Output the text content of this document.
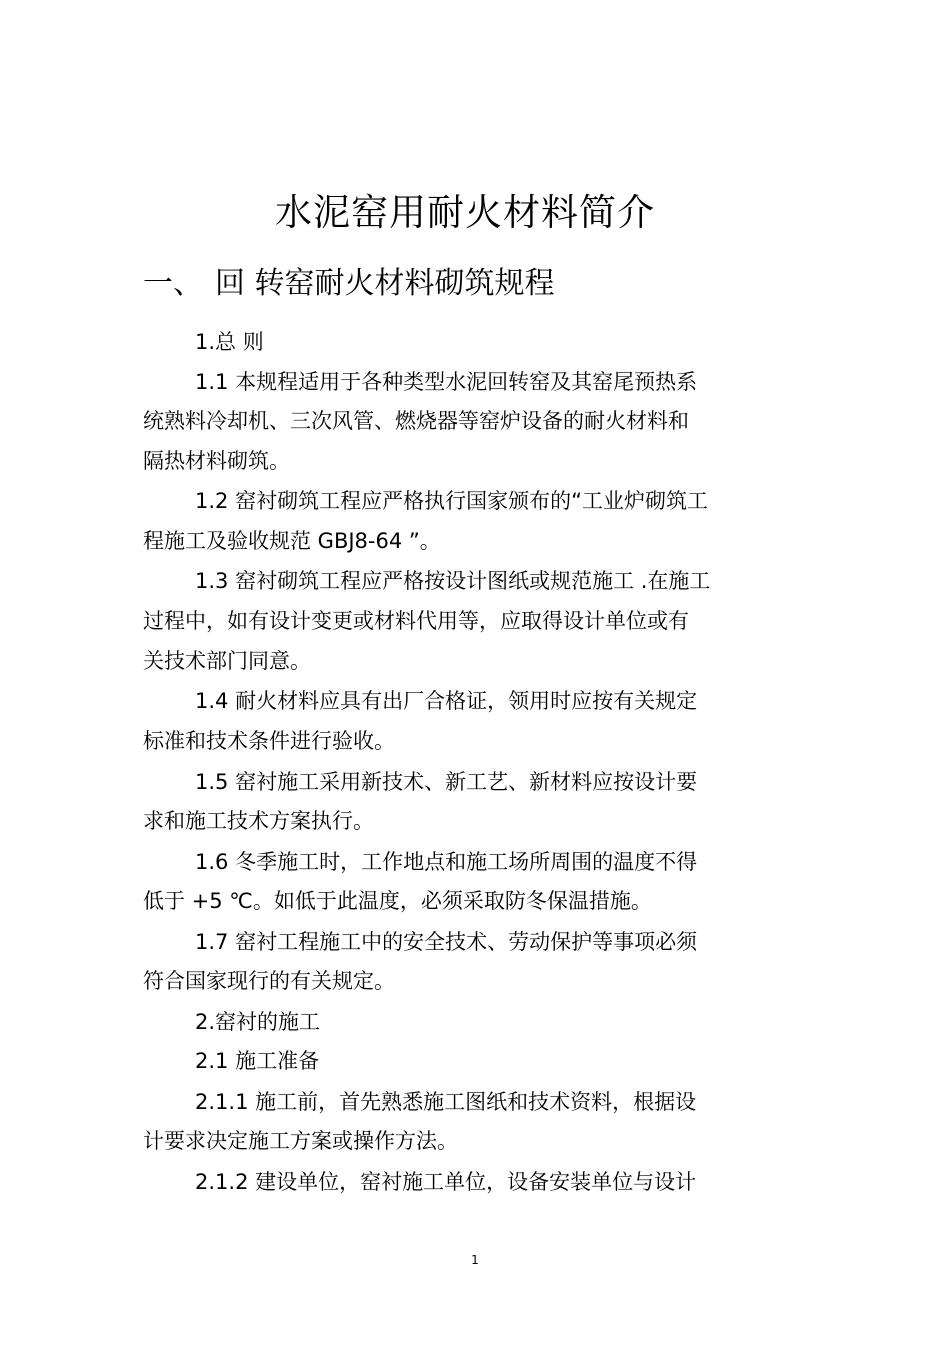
水泥窑用耐火材料简介
一、 回 转窑耐火材料砌筑规程

1.总 则

1.1 本规程适用于各种类型水泥回转窑及其窑尾预热系

统熟料冷却机、三次风管、燃烧器等窑炉设备的耐火材料和

隔热材料砌筑。

1.2 窑衬砌筑工程应严格执行国家颁布的“工业炉砌筑工

程施工及验收规范 GBJ8-64 ”。

1.3 窑衬砌筑工程应严格按设计图纸或规范施工 .在施工

过程中，如有设计变更或材料代用等，应取得设计单位或有

关技术部门同意。

1.4 耐火材料应具有出厂合格证，领用时应按有关规定

标准和技术条件进行验收。

1.5 窑衬施工采用新技术、新工艺、新材料应按设计要

求和施工技术方案执行。

1.6 冬季施工时，工作地点和施工场所周围的温度不得

低于 +5 ℃。如低于此温度，必须采取防冬保温措施。

1.7 窑衬工程施工中的安全技术、劳动保护等事项必须

符合国家现行的有关规定。

2.窑衬的施工

2.1 施工准备

2.1.1 施工前，首先熟悉施工图纸和技术资料，根据设

计要求决定施工方案或操作方法。

2.1.2 建设单位，窑衬施工单位，设备安装单位与设计

1
